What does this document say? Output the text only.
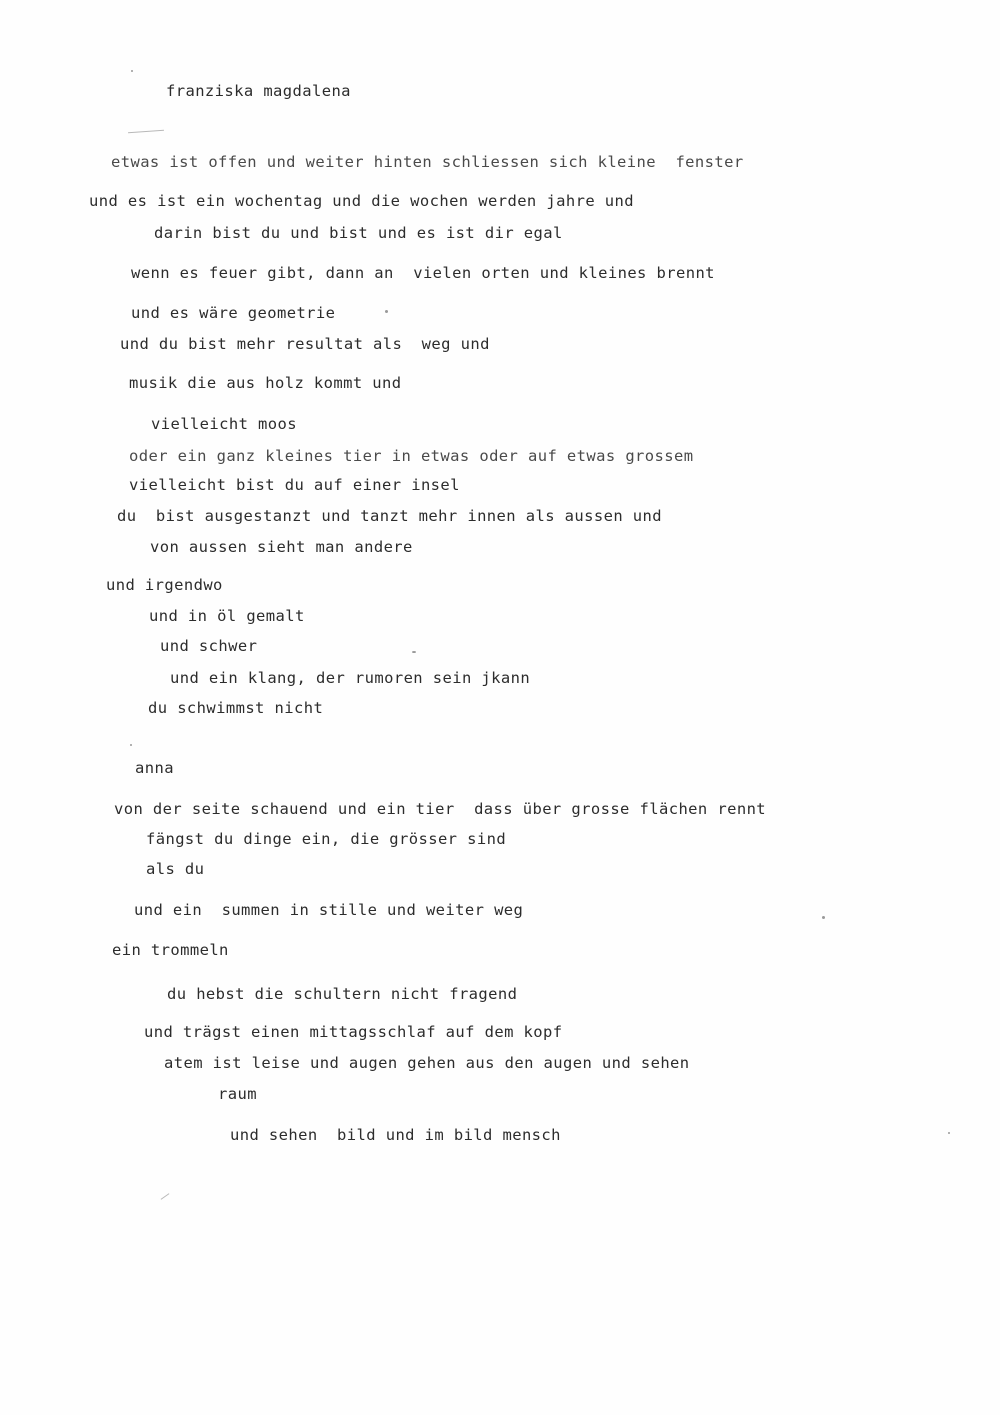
franziska magdalena
etwas ist offen und weiter hinten schliessen sich kleine  fenster
und es ist ein wochentag und die wochen werden jahre und
darin bist du und bist und es ist dir egal
wenn es feuer gibt, dann an  vielen orten und kleines brennt
und es wäre geometrie
und du bist mehr resultat als  weg und
musik die aus holz kommt und
vielleicht moos
oder ein ganz kleines tier in etwas oder auf etwas grossem
vielleicht bist du auf einer insel
du  bist ausgestanzt und tanzt mehr innen als aussen und
von aussen sieht man andere
und irgendwo
und in öl gemalt
und schwer
und ein klang, der rumoren sein jkann
du schwimmst nicht
anna
von der seite schauend und ein tier  dass über grosse flächen rennt
fängst du dinge ein, die grösser sind
als du
und ein  summen in stille und weiter weg
ein trommeln
du hebst die schultern nicht fragend
und trägst einen mittagsschlaf auf dem kopf
atem ist leise und augen gehen aus den augen und sehen
raum
und sehen  bild und im bild mensch
